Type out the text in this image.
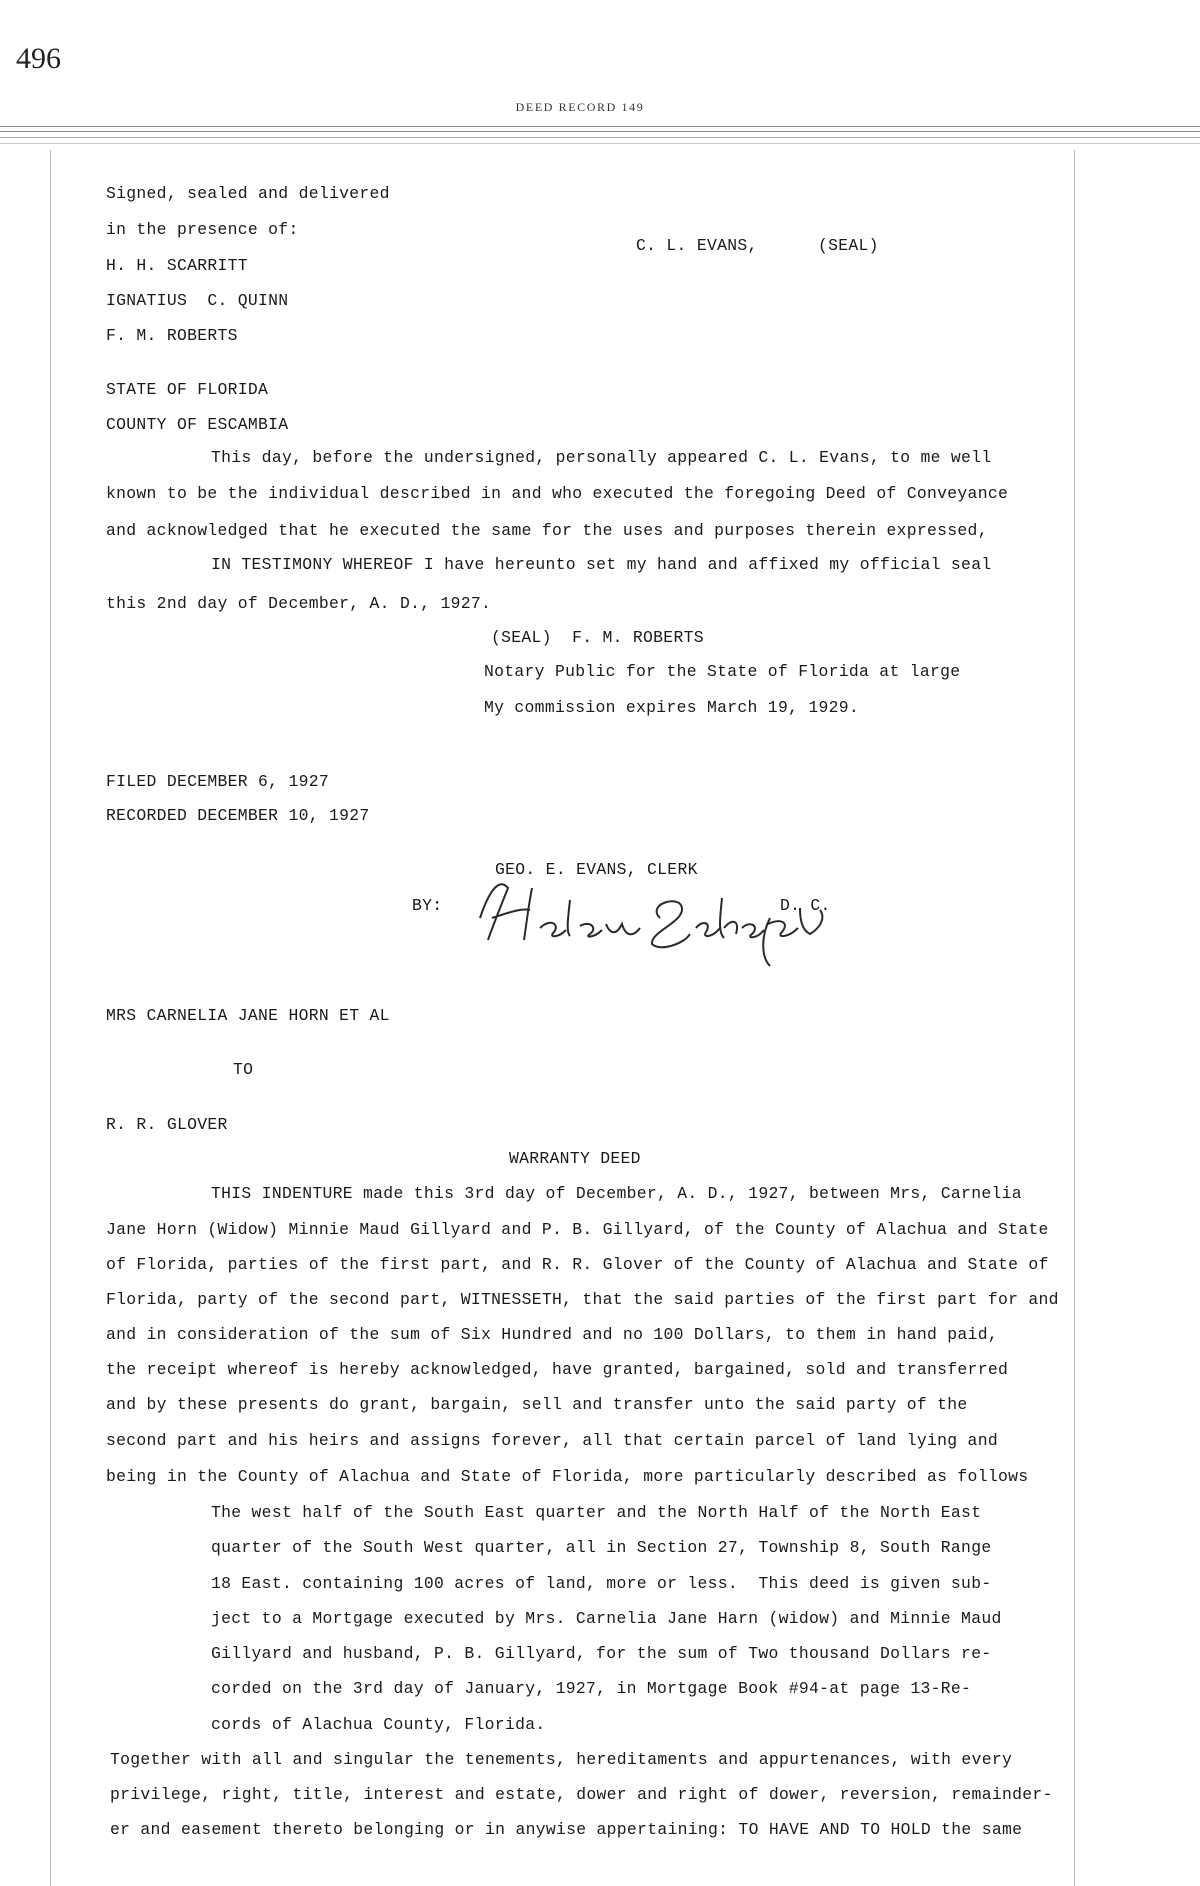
496
DEED RECORD 149
Signed, sealed and delivered
in the presence of:
H. H. SCARRITT
IGNATIUS  C. QUINN
F. M. ROBERTS
C. L. EVANS,	(SEAL)
STATE OF FLORIDA
COUNTY OF ESCAMBIA
This day, before the undersigned, personally appeared C. L. Evans, to me well
known to be the individual described in and who executed the foregoing Deed of Conveyance
and acknowledged that he executed the same for the uses and purposes therein expressed,
IN TESTIMONY WHEREOF I have hereunto set my hand and affixed my official seal
this 2nd day of December, A. D., 1927.
(SEAL)  F. M. ROBERTS
Notary Public for the State of Florida at large
My commission expires March 19, 1929.
FILED DECEMBER 6, 1927
RECORDED DECEMBER 10, 1927
GEO. E. EVANS, CLERK
BY:	D. C.
Helen Schaefer
MRS CARNELIA JANE HORN ET AL
TO
R. R. GLOVER
WARRANTY DEED
THIS INDENTURE made this 3rd day of December, A. D., 1927, between Mrs, Carnelia
Jane Horn (Widow) Minnie Maud Gillyard and P. B. Gillyard, of the County of Alachua and State
of Florida, parties of the first part, and R. R. Glover of the County of Alachua and State of
Florida, party of the second part, WITNESSETH, that the said parties of the first part for and
and in consideration of the sum of Six Hundred and no 100 Dollars, to them in hand paid,
the receipt whereof is hereby acknowledged, have granted, bargained, sold and transferred
and by these presents do grant, bargain, sell and transfer unto the said party of the
second part and his heirs and assigns forever, all that certain parcel of land lying and
being in the County of Alachua and State of Florida, more particularly described as follows
The west half of the South East quarter and the North Half of the North East
quarter of the South West quarter, all in Section 27, Township 8, South Range
18 East. containing 100 acres of land, more or less.  This deed is given sub-
ject to a Mortgage executed by Mrs. Carnelia Jane Harn (widow) and Minnie Maud
Gillyard and husband, P. B. Gillyard, for the sum of Two thousand Dollars re-
corded on the 3rd day of January, 1927, in Mortgage Book #94-at page 13-Re-
cords of Alachua County, Florida.
Together with all and singular the tenements, hereditaments and appurtenances, with every
privilege, right, title, interest and estate, dower and right of dower, reversion, remainder-
er and easement thereto belonging or in anywise appertaining: TO HAVE AND TO HOLD the same
